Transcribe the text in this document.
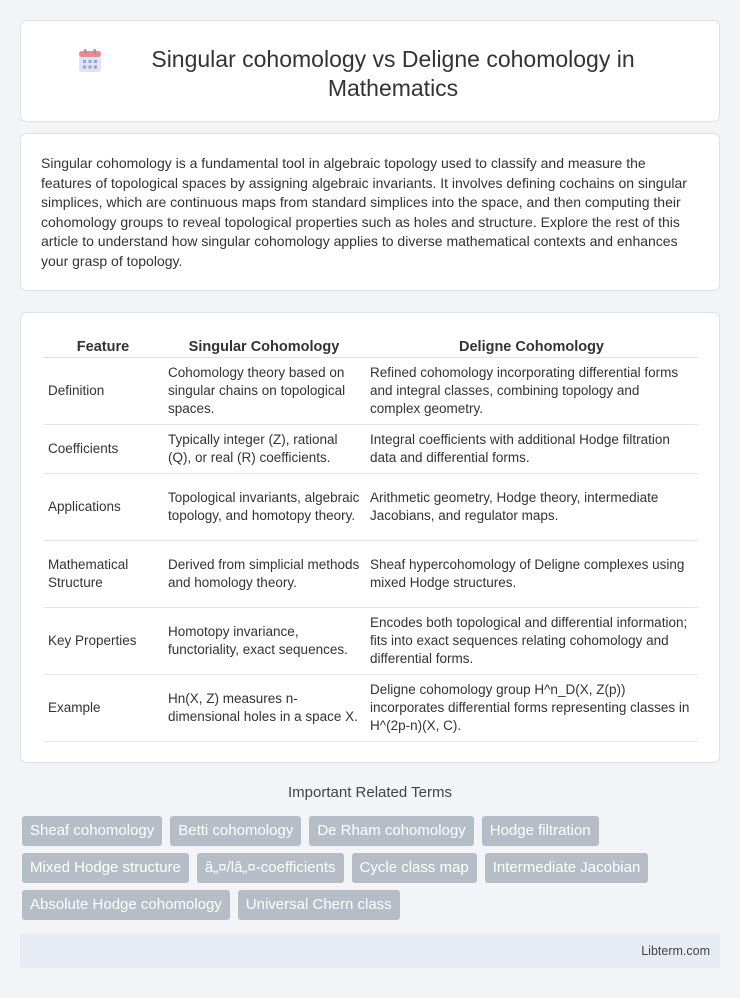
Singular cohomology vs Deligne cohomology in Mathematics

Singular cohomology is a fundamental tool in algebraic topology used to classify and measure the features of topological spaces by assigning algebraic invariants. It involves defining cochains on singular simplices, which are continuous maps from standard simplices into the space, and then computing their cohomology groups to reveal topological properties such as holes and structure. Explore the rest of this article to understand how singular cohomology applies to diverse mathematical contexts and enhances your grasp of topology.

Feature	Singular Cohomology	Deligne Cohomology
Definition	Cohomology theory based on singular chains on topological spaces.	Refined cohomology incorporating differential forms and integral classes, combining topology and complex geometry.
Coefficients	Typically integer (Z), rational (Q), or real (R) coefficients.	Integral coefficients with additional Hodge filtration data and differential forms.
Applications	Topological invariants, algebraic topology, and homotopy theory.	Arithmetic geometry, Hodge theory, intermediate Jacobians, and regulator maps.
Mathematical Structure	Derived from simplicial methods and homology theory.	Sheaf hypercohomology of Deligne complexes using mixed Hodge structures.
Key Properties	Homotopy invariance, functoriality, exact sequences.	Encodes both topological and differential information; fits into exact sequences relating cohomology and differential forms.
Example	Hn(X, Z) measures n-dimensional holes in a space X.	Deligne cohomology group H^n_D(X, Z(p)) incorporates differential forms representing classes in H^(2p-n)(X, C).
Important Related Terms
Sheaf cohomology	Betti cohomology	De Rham cohomology	Hodge filtration
Mixed Hodge structure	â„¤/lâ„¤-coefficients	Cycle class map	Intermediate Jacobian
Absolute Hodge cohomology	Universal Chern class
Libterm.com
